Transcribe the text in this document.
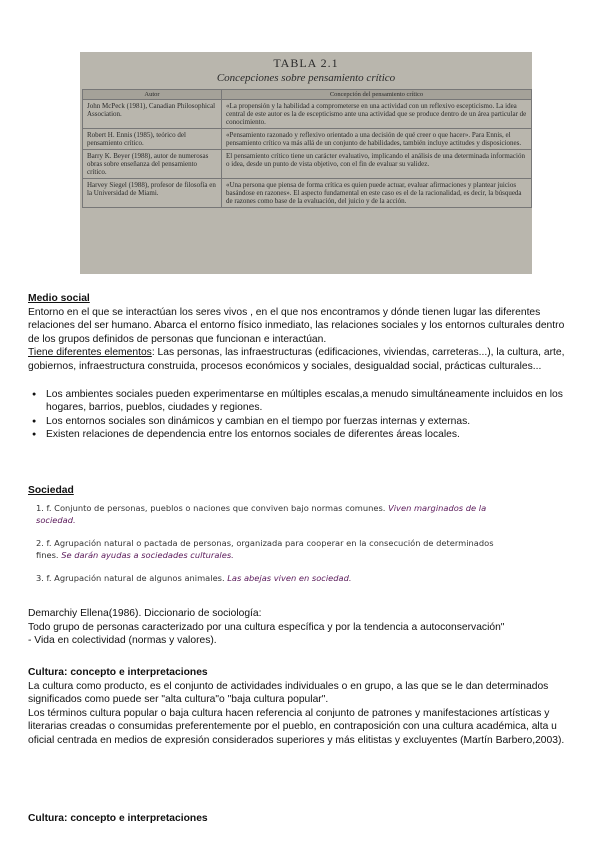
TABLA 2.1
Concepciones sobre pensamiento crítico
Autor	Concepción del pensamiento crítico
John McPeck (1981), Canadian Philosophical Association.	«La propensión y la habilidad a comprometerse en una actividad con un reflexivo escepticismo. La idea central de este autor es la de escepticismo ante una actividad que se produce dentro de un área particular de conocimiento.
Robert H. Ennis (1985), teórico del pensamiento crítico.	«Pensamiento razonado y reflexivo orientado a una decisión de qué creer o que hacer». Para Ennis, el pensamiento crítico va más allá de un conjunto de habilidades, también incluye actitudes y disposiciones.
Barry K. Beyer (1988), autor de numerosas obras sobre enseñanza del pensamiento crítico.	El pensamiento crítico tiene un carácter evaluativo, implicando el análisis de una determinada información o idea, desde un punto de vista objetivo, con el fin de evaluar su validez.
Harvey Siegel (1988), profesor de filosofía en la Universidad de Miami.	«Una persona que piensa de forma crítica es quien puede actuar, evaluar afirmaciones y plantear juicios basándose en razones». El aspecto fundamental en este caso es el de la racionalidad, es decir, la búsqueda de razones como base de la evaluación, del juicio y de la acción.
Medio social
Entorno en el que se interactúan los seres vivos , en el que nos encontramos y dónde tienen lugar las diferentes relaciones del ser humano. Abarca el entorno físico inmediato, las relaciones sociales y los entornos culturales dentro de los grupos definidos de personas que funcionan e interactúan.
Tiene diferentes elementos: Las personas, las infraestructuras (edificaciones, viviendas, carreteras...), la cultura, arte, gobiernos, infraestructura construida, procesos económicos y sociales, desigualdad social, prácticas culturales...
● Los ambientes sociales pueden experimentarse en múltiples escalas,a menudo simultáneamente incluidos en los hogares, barrios, pueblos, ciudades y regiones.
● Los entornos sociales son dinámicos y cambian en el tiempo por fuerzas internas y externas.
● Existen relaciones de dependencia entre los entornos sociales de diferentes áreas locales.
Sociedad
1. f. Conjunto de personas, pueblos o naciones que conviven bajo normas comunes. Viven marginados de la sociedad.
2. f. Agrupación natural o pactada de personas, organizada para cooperar en la consecución de determinados fines. Se darán ayudas a sociedades culturales.
3. f. Agrupación natural de algunos animales. Las abejas viven en sociedad.
Demarchiy Ellena(1986). Diccionario de sociología:
Todo grupo de personas caracterizado por una cultura específica y por la tendencia a autoconservación"
- Vida en colectividad (normas y valores).
Cultura: concepto e interpretaciones
La cultura como producto, es el conjunto de actividades individuales o en grupo, a las que se le dan determinados significados como puede ser "alta cultura"o "baja cultura popular".
Los términos cultura popular o baja cultura hacen referencia al conjunto de patrones y manifestaciones artísticas y literarias creadas o consumidas preferentemente por el pueblo, en contraposición con una cultura académica, alta u oficial centrada en medios de expresión considerados superiores y más elitistas y excluyentes (Martín Barbero,2003).
Cultura: concepto e interpretaciones
